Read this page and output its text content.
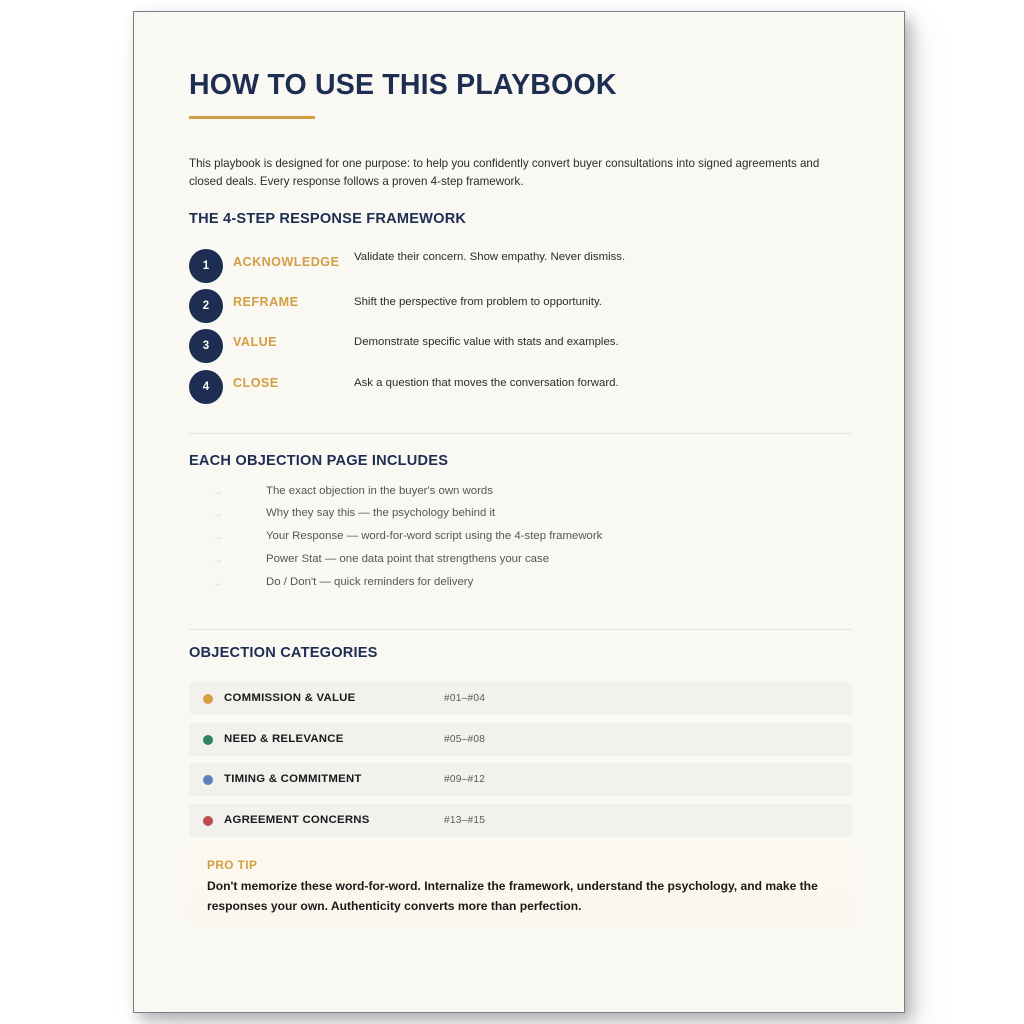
HOW TO USE THIS PLAYBOOK

This playbook is designed for one purpose: to help you confidently convert buyer consultations into signed agreements and closed deals. Every response follows a proven 4-step framework.

THE 4-STEP RESPONSE FRAMEWORK
1	ACKNOWLEDGE Validate their concern. Show empathy. Never dismiss.
2	REFRAME	Shift the perspective from problem to opportunity.
3	VALUE	Demonstrate specific value with stats and examples.
4	CLOSE	Ask a question that moves the conversation forward.
EACH OBJECTION PAGE INCLUDES
→	The exact objection in the buyer's own words
→	Why they say this — the psychology behind it
→	Your Response — word-for-word script using the 4-step framework
→	Power Stat — one data point that strengthens your case
→	Do / Don't — quick reminders for delivery
OBJECTION CATEGORIES
COMMISSION & VALUE	#01–#04
NEED & RELEVANCE	#05–#08
TIMING & COMMITMENT	#09–#12
AGREEMENT CONCERNS	#13–#15
PRO TIP
Don't memorize these word-for-word. Internalize the framework, understand the psychology, and make the responses your own. Authenticity converts more than perfection.
